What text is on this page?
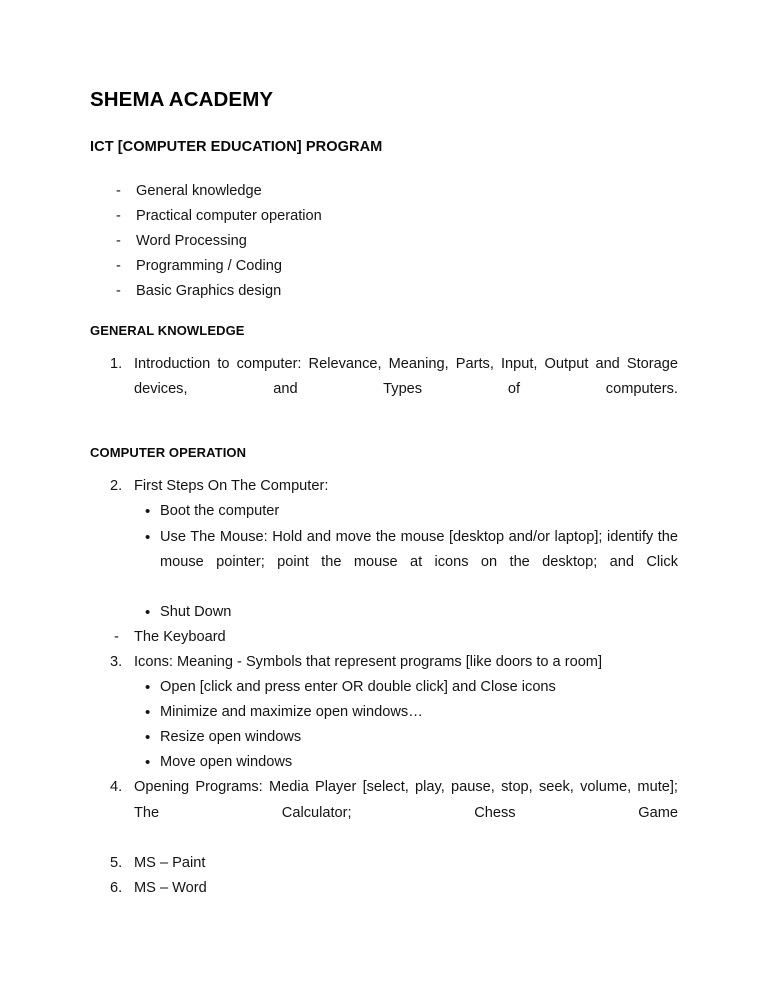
SHEMA ACADEMY
ICT [COMPUTER EDUCATION] PROGRAM
- General knowledge
- Practical computer operation
- Word Processing
- Programming / Coding
- Basic Graphics design
GENERAL KNOWLEDGE
1. Introduction to computer: Relevance, Meaning, Parts, Input, Output and Storage devices, and Types of computers.
COMPUTER OPERATION
2. First Steps On The Computer:
• Boot the computer
• Use The Mouse: Hold and move the mouse [desktop and/or laptop]; identify the mouse pointer; point the mouse at icons on the desktop; and Click
• Shut Down
-	The Keyboard
3. Icons: Meaning - Symbols that represent programs [like doors to a room]
• Open [click and press enter OR double click] and Close icons
• Minimize and maximize open windows…
• Resize open windows
• Move open windows
4. Opening Programs: Media Player [select, play, pause, stop, seek, volume, mute]; The Calculator; Chess Game
5. MS – Paint
6. MS – Word
